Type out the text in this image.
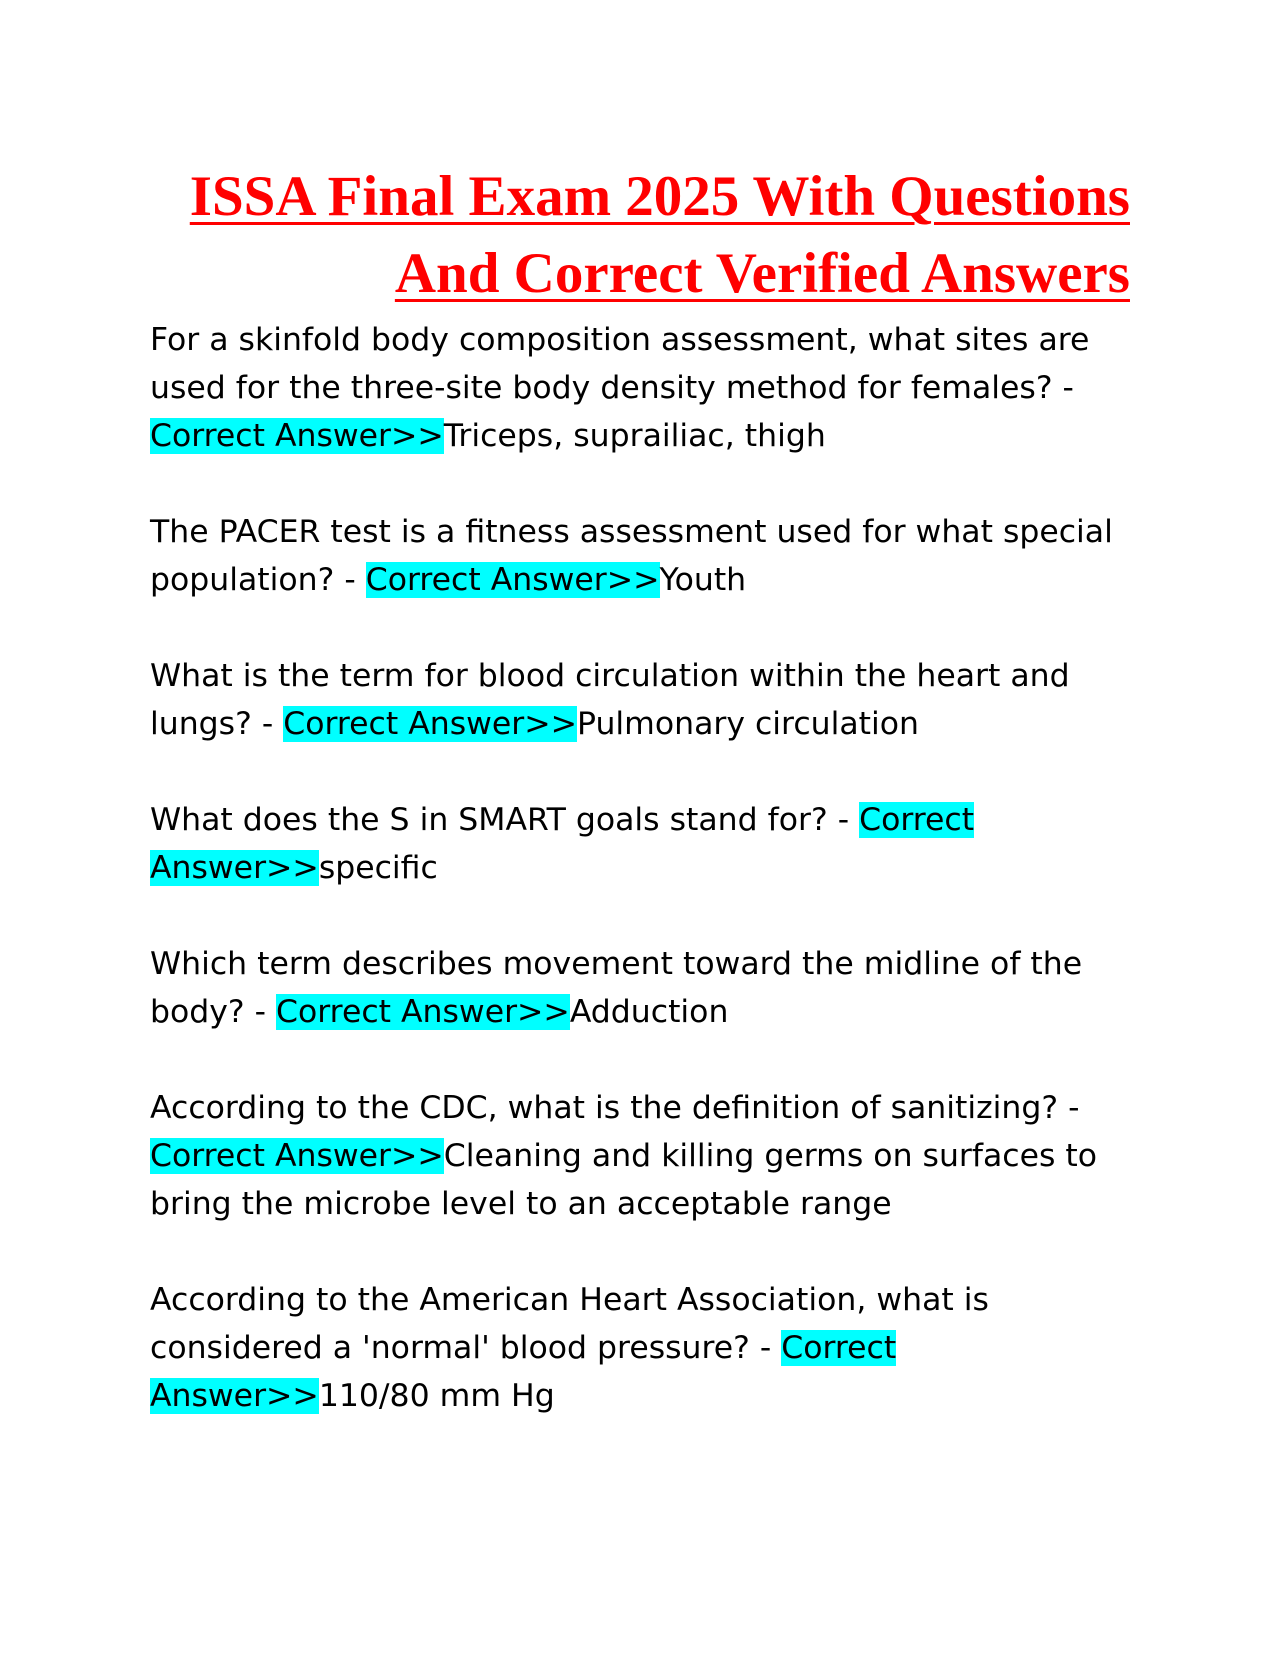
ISSA Final Exam 2025 With Questions
And Correct Verified Answers

For a skinfold body composition assessment, what sites are used for the three-site body density method for females? - Correct Answer>>Triceps, suprailiac, thigh

The PACER test is a fitness assessment used for what special population? - Correct Answer>>Youth

What is the term for blood circulation within the heart and lungs? - Correct Answer>>Pulmonary circulation

What does the S in SMART goals stand for? - Correct Answer>>specific

Which term describes movement toward the midline of the body? - Correct Answer>>Adduction

According to the CDC, what is the definition of sanitizing? - Correct Answer>>Cleaning and killing germs on surfaces to bring the microbe level to an acceptable range

According to the American Heart Association, what is considered a 'normal' blood pressure? - Correct Answer>>110/80 mm Hg
